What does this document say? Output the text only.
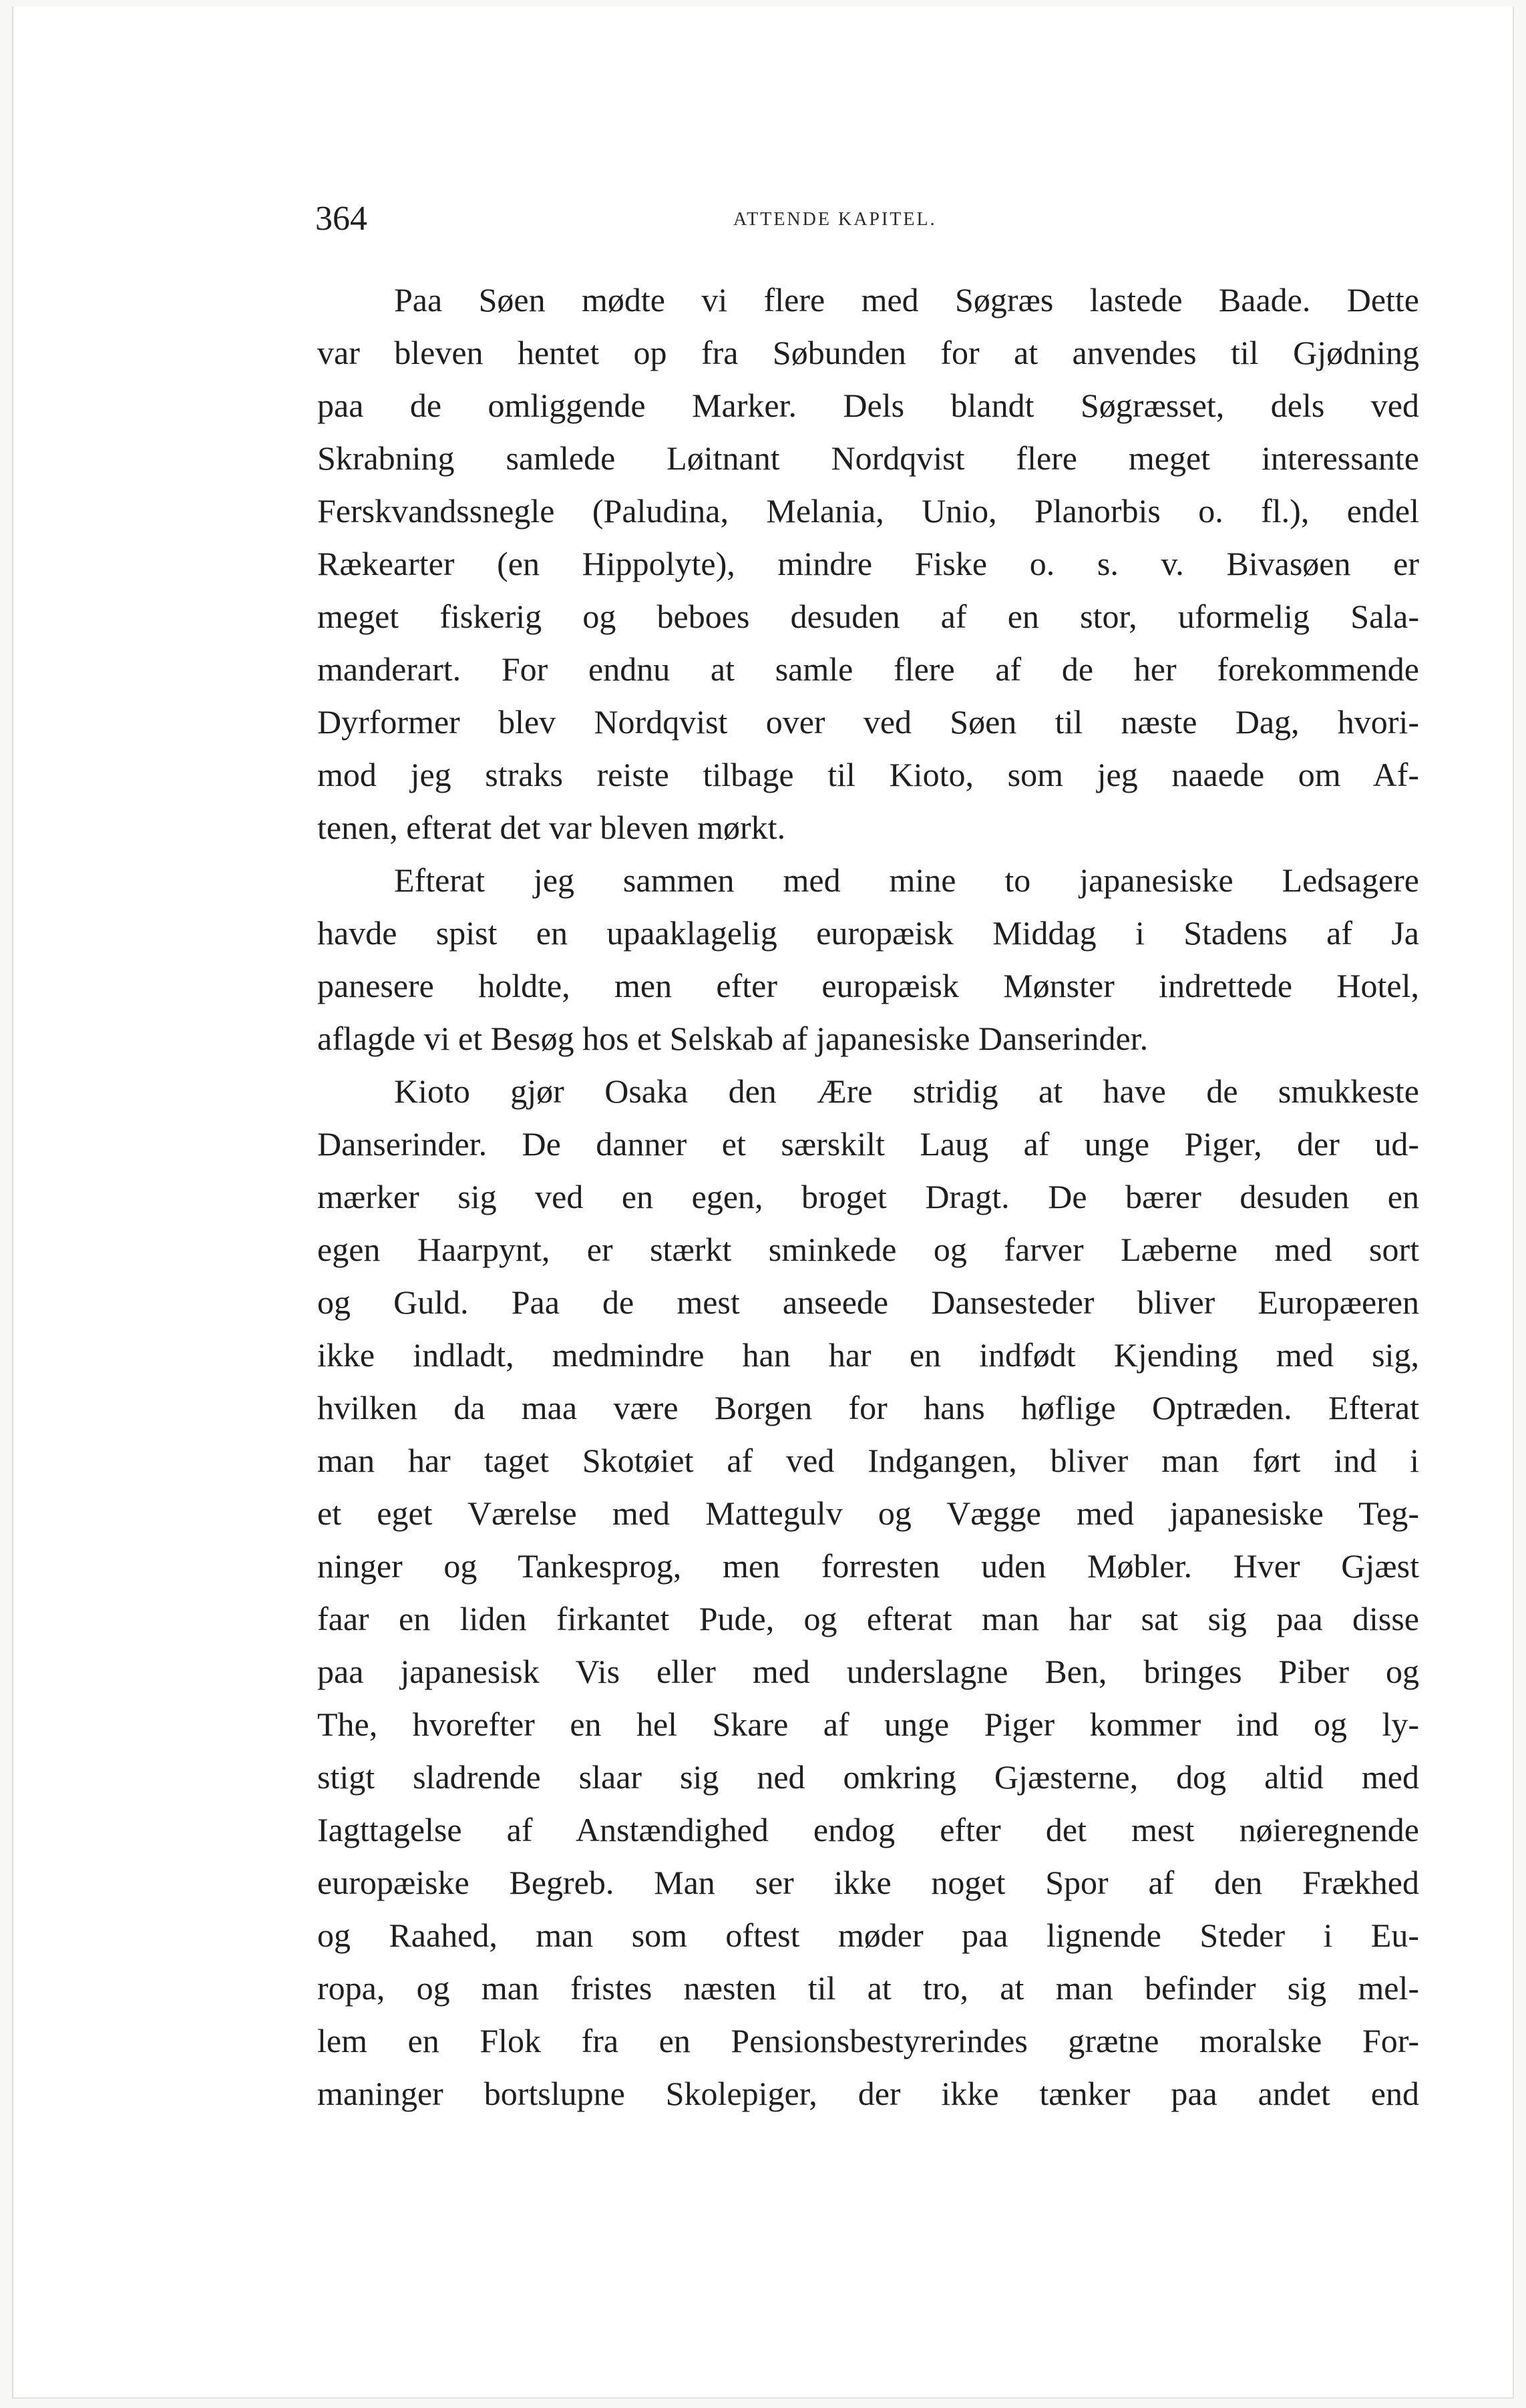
364	ATTENDE KAPITEL.

Paa Søen mødte vi flere med Søgræs lastede Baade. Dette
var bleven hentet op fra Søbunden for at anvendes til Gjødning
paa de omliggende Marker. Dels blandt Søgræsset, dels ved
Skrabning samlede Løitnant Nordqvist flere meget interessante
Ferskvandssnegle (Paludina, Melania, Unio, Planorbis o. fl.), endel
Rækearter (en Hippolyte), mindre Fiske o. s. v. Bivasøen er
meget fiskerig og beboes desuden af en stor, uformelig Sala-
manderart. For endnu at samle flere af de her forekommende
Dyrformer blev Nordqvist over ved Søen til næste Dag, hvori-
mod jeg straks reiste tilbage til Kioto, som jeg naaede om Af-
tenen, efterat det var bleven mørkt.

Efterat jeg sammen med mine to japanesiske Ledsagere
havde spist en upaaklagelig europæisk Middag i Stadens af Ja
panesere holdte, men efter europæisk Mønster indrettede Hotel,
aflagde vi et Besøg hos et Selskab af japanesiske Danserinder.

Kioto gjør Osaka den Ære stridig at have de smukkeste
Danserinder. De danner et særskilt Laug af unge Piger, der ud-
mærker sig ved en egen, broget Dragt. De bærer desuden en
egen Haarpynt, er stærkt sminkede og farver Læberne med sort
og Guld. Paa de mest anseede Dansesteder bliver Europæeren
ikke indladt, medmindre han har en indfødt Kjending med sig,
hvilken da maa være Borgen for hans høflige Optræden. Efterat
man har taget Skotøiet af ved Indgangen, bliver man ført ind i
et eget Værelse med Mattegulv og Vægge med japanesiske Teg-
ninger og Tankesprog, men forresten uden Møbler. Hver Gjæst
faar en liden firkantet Pude, og efterat man har sat sig paa disse
paa japanesisk Vis eller med underslagne Ben, bringes Piber og
The, hvorefter en hel Skare af unge Piger kommer ind og ly-
stigt sladrende slaar sig ned omkring Gjæsterne, dog altid med
Iagttagelse af Anstændighed endog efter det mest nøieregnende
europæiske Begreb. Man ser ikke noget Spor af den Frækhed
og Raahed, man som oftest møder paa lignende Steder i Eu-
ropa, og man fristes næsten til at tro, at man befinder sig mel-
lem en Flok fra en Pensionsbestyrerindes grætne moralske For-
maninger bortslupne Skolepiger, der ikke tænker paa andet end
